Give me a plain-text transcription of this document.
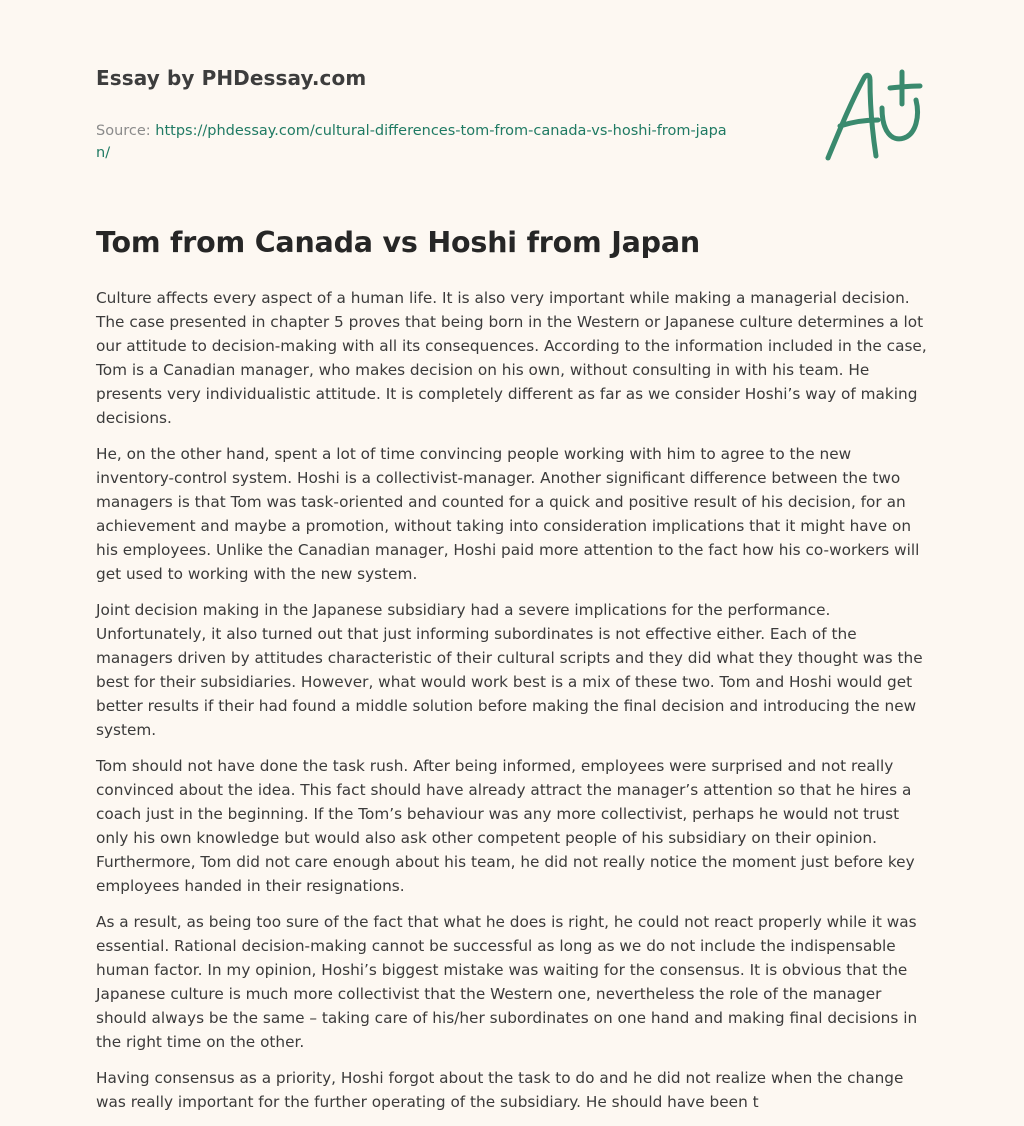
Essay by PHDessay.com
Source: https://phdessay.com/cultural-differences-tom-from-canada-vs-hoshi-from-japan/
Tom from Canada vs Hoshi from Japan

Culture affects every aspect of a human life. It is also very important while making a managerial decision. The case presented in chapter 5 proves that being born in the Western or Japanese culture determines a lot our attitude to decision-making with all its consequences. According to the information included in the case, Tom is a Canadian manager, who makes decision on his own, without consulting in with his team. He presents very individualistic attitude. It is completely different as far as we consider Hoshi’s way of making decisions.

He, on the other hand, spent a lot of time convincing people working with him to agree to the new inventory-control system. Hoshi is a collectivist-manager. Another significant difference between the two managers is that Tom was task-oriented and counted for a quick and positive result of his decision, for an achievement and maybe a promotion, without taking into consideration implications that it might have on his employees. Unlike the Canadian manager, Hoshi paid more attention to the fact how his co-workers will get used to working with the new system.

Joint decision making in the Japanese subsidiary had a severe implications for the performance. Unfortunately, it also turned out that just informing subordinates is not effective either. Each of the managers driven by attitudes characteristic of their cultural scripts and they did what they thought was the best for their subsidiaries. However, what would work best is a mix of these two. Tom and Hoshi would get better results if their had found a middle solution before making the final decision and introducing the new system.

Tom should not have done the task rush. After being informed, employees were surprised and not really convinced about the idea. This fact should have already attract the manager’s attention so that he hires a coach just in the beginning. If the Tom’s behaviour was any more collectivist, perhaps he would not trust only his own knowledge but would also ask other competent people of his subsidiary on their opinion. Furthermore, Tom did not care enough about his team, he did not really notice the moment just before key employees handed in their resignations.

As a result, as being too sure of the fact that what he does is right, he could not react properly while it was essential. Rational decision-making cannot be successful as long as we do not include the indispensable human factor. In my opinion, Hoshi’s biggest mistake was waiting for the consensus. It is obvious that the Japanese culture is much more collectivist that the Western one, nevertheless the role of the manager should always be the same – taking care of his/her subordinates on one hand and making final decisions in the right time on the other.

Having consensus as a priority, Hoshi forgot about the task to do and he did not realize when the change was really important for the further operating of the subsidiary. He should have been t
